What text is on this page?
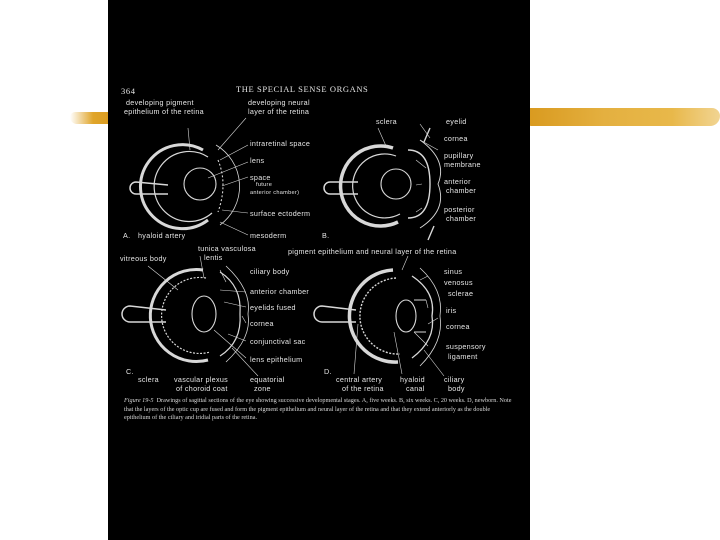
364	THE SPECIAL SENSE ORGANS
developing pigment
epithelium of the retina
developing neural
layer of the retina
intraretinal space
lens
space
future
anterior chamber)
surface ectoderm
A. hyaloid artery	mesoderm
sclera	eyelid
cornea
pupillary
membrane
anterior
chamber
posterior
chamber
B.
tunica vasculosa
lentis
vitreous body
ciliary body
anterior chamber
eyelids fused
cornea
conjunctival sac
lens epithelium
C.
sclera vascular plexus
of choroid coat
equatorial
zone
pigment epithelium and neural layer of the retina
sinus
venosus
sclerae
iris
cornea
suspensory
ligament
D.
central artery
of the retina
hyaloid
canal
ciliary
body
Figure 19-5 Drawings of sagittal sections of the eye showing successive developmental stages. A, five weeks. B, six weeks. C, 20 weeks. D, newborn. Note that the layers of the optic cup are fused and form the pigment epithelium and neural layer of the retina and that they extend anteriorly as the double epithelium of the ciliary and iridial parts of the retina.
